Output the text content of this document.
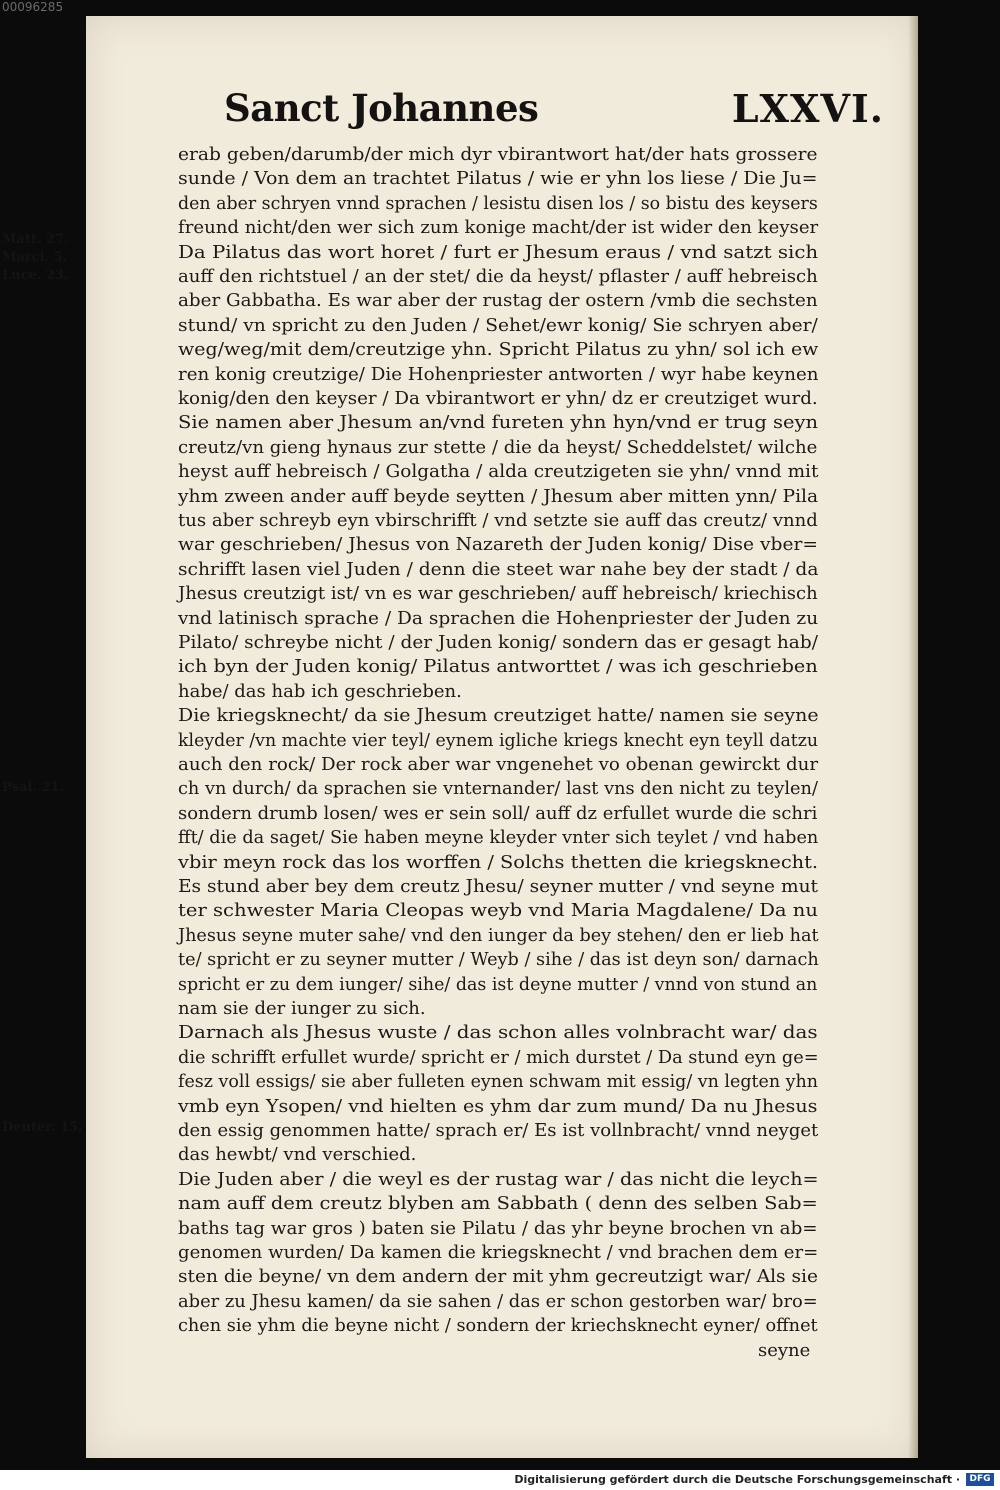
00096285
Sanct Johannes	LXXVI.
Matt. 27.
Marci. 5.
Luce. 23.
Psal. 21.
Deuter. 15.
erab geben/darumb/der mich dyr vbirantwort hat/der hats grossere
sunde / Von dem an trachtet Pilatus / wie er yhn los liese / Die Ju=
den aber schryen vnnd sprachen / lesistu disen los / so bistu des keysers
freund nicht/den wer sich zum konige macht/der ist wider den keyser
Da Pilatus das wort horet / furt er Jhesum eraus / vnd satzt sich
auff den richtstuel / an der stet/ die da heyst/ pflaster / auff hebreisch
aber Gabbatha. Es war aber der rustag der ostern /vmb die sechsten
stund/ vn spricht zu den Juden / Sehet/ewr konig/ Sie schryen aber/
weg/weg/mit dem/creutzige yhn. Spricht Pilatus zu yhn/ sol ich ew
ren konig creutzige/ Die Hohenpriester antworten / wyr habe keynen
konig/den den keyser / Da vbirantwort er yhn/ dz er creutziget wurd.
Sie namen aber Jhesum an/vnd fureten yhn hyn/vnd er trug seyn
creutz/vn gieng hynaus zur stette / die da heyst/ Scheddelstet/ wilche
heyst auff hebreisch / Golgatha / alda creutzigeten sie yhn/ vnnd mit
yhm zween ander auff beyde seytten / Jhesum aber mitten ynn/ Pila
tus aber schreyb eyn vbirschrifft / vnd setzte sie auff das creutz/ vnnd
war geschrieben/ Jhesus von Nazareth der Juden konig/ Dise vber=
schrifft lasen viel Juden / denn die steet war nahe bey der stadt / da
Jhesus creutzigt ist/ vn es war geschrieben/ auff hebreisch/ kriechisch
vnd latinisch sprache / Da sprachen die Hohenpriester der Juden zu
Pilato/ schreybe nicht / der Juden konig/ sondern das er gesagt hab/
ich byn der Juden konig/ Pilatus antworttet / was ich geschrieben
habe/ das hab ich geschrieben.
Die kriegsknecht/ da sie Jhesum creutziget hatte/ namen sie seyne
kleyder /vn machte vier teyl/ eynem igliche kriegs knecht eyn teyll datzu
auch den rock/ Der rock aber war vngenehet vo obenan gewirckt dur
ch vn durch/ da sprachen sie vnternander/ last vns den nicht zu teylen/
sondern drumb losen/ wes er sein soll/ auff dz erfullet wurde die schri
fft/ die da saget/ Sie haben meyne kleyder vnter sich teylet / vnd haben
vbir meyn rock das los worffen / Solchs thetten die kriegsknecht.
Es stund aber bey dem creutz Jhesu/ seyner mutter / vnd seyne mut
ter schwester Maria Cleopas weyb vnd Maria Magdalene/ Da nu
Jhesus seyne muter sahe/ vnd den iunger da bey stehen/ den er lieb hat
te/ spricht er zu seyner mutter / Weyb / sihe / das ist deyn son/ darnach
spricht er zu dem iunger/ sihe/ das ist deyne mutter / vnnd von stund an
nam sie der iunger zu sich.
Darnach als Jhesus wuste / das schon alles volnbracht war/ das
die schrifft erfullet wurde/ spricht er / mich durstet / Da stund eyn ge=
fesz voll essigs/ sie aber fulleten eynen schwam mit essig/ vn legten yhn
vmb eyn Ysopen/ vnd hielten es yhm dar zum mund/ Da nu Jhesus
den essig genommen hatte/ sprach er/ Es ist vollnbracht/ vnnd neyget
das hewbt/ vnd verschied.
Die Juden aber / die weyl es der rustag war / das nicht die leych=
nam auff dem creutz blyben am Sabbath ( denn des selben Sab=
baths tag war gros ) baten sie Pilatu / das yhr beyne brochen vn ab=
genomen wurden/ Da kamen die kriegsknecht / vnd brachen dem er=
sten die beyne/ vn dem andern der mit yhm gecreutzigt war/ Als sie
aber zu Jhesu kamen/ da sie sahen / das er schon gestorben war/ bro=
chen sie yhm die beyne nicht / sondern der kriechsknecht eyner/ offnet
seyne
Digitalisierung gefördert durch die Deutsche Forschungsgemeinschaft ·	DFG
